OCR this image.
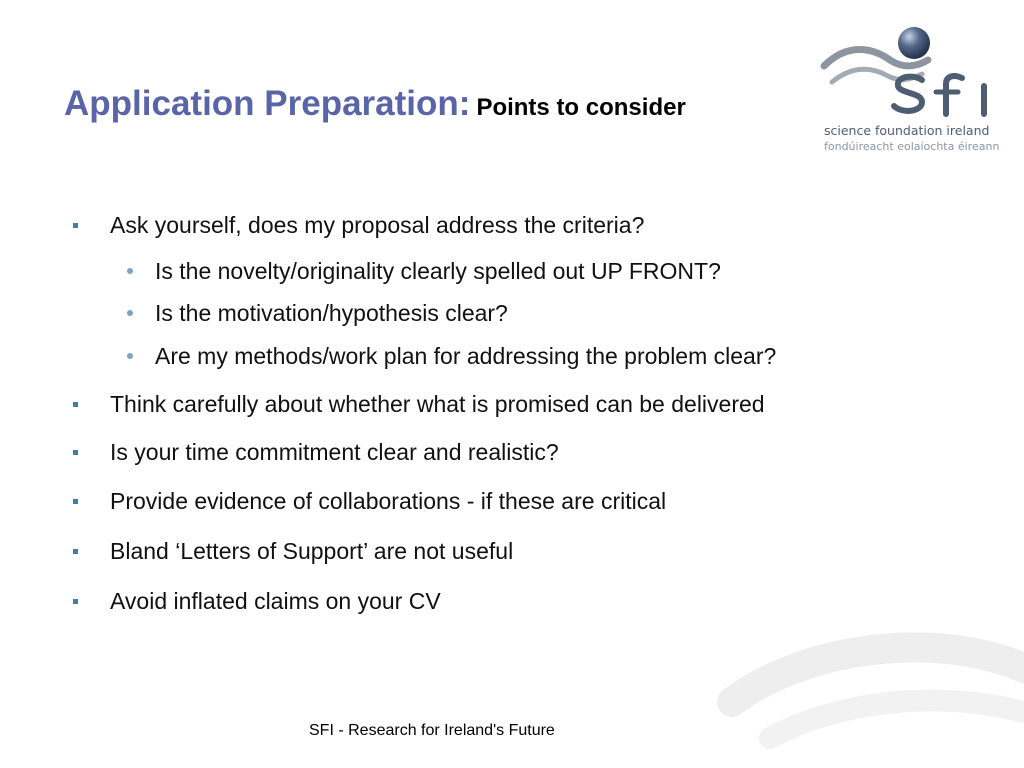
Application Preparation: Points to consider
science foundation ireland
fondúireacht eolaíochta éireann
Ask yourself, does my proposal address the criteria?
Is the novelty/originality clearly spelled out UP FRONT?
Is the motivation/hypothesis clear?
Are my methods/work plan for addressing the problem clear?
Think carefully about whether what is promised can be delivered
Is your time commitment clear and realistic?
Provide evidence of collaborations - if these are critical
Bland ‘Letters of Support’ are not useful
Avoid inflated claims on your CV
SFI - Research for Ireland's Future
